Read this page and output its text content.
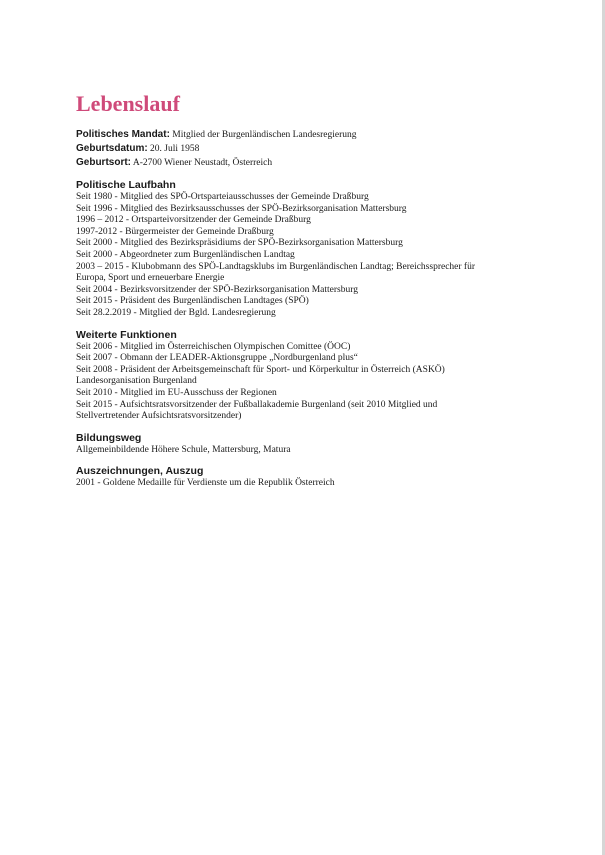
Lebenslauf
Politisches Mandat: Mitglied der Burgenländischen Landesregierung
Geburtsdatum: 20. Juli 1958
Geburtsort: A-2700 Wiener Neustadt, Österreich
Politische Laufbahn
Seit 1980 - Mitglied des SPÖ-Ortsparteiausschusses der Gemeinde Draßburg
Seit 1996 - Mitglied des Bezirksausschusses der SPÖ-Bezirksorganisation Mattersburg
1996 – 2012 - Ortsparteivorsitzender der Gemeinde Draßburg
1997-2012 - Bürgermeister der Gemeinde Draßburg
Seit 2000 - Mitglied des Bezirkspräsidiums der SPÖ-Bezirksorganisation Mattersburg
Seit 2000 - Abgeordneter zum Burgenländischen Landtag
2003 – 2015 - Klubobmann des SPÖ-Landtagsklubs im Burgenländischen Landtag; Bereichssprecher für
Europa, Sport und erneuerbare Energie
Seit 2004 - Bezirksvorsitzender der SPÖ-Bezirksorganisation Mattersburg
Seit 2015 - Präsident des Burgenländischen Landtages (SPÖ)
Seit 28.2.2019 - Mitglied der Bgld. Landesregierung
Weiterte Funktionen
Seit 2006 - Mitglied im Österreichischen Olympischen Comittee (ÖOC)
Seit 2007 - Obmann der LEADER-Aktionsgruppe „Nordburgenland plus“
Seit 2008 - Präsident der Arbeitsgemeinschaft für Sport- und Körperkultur in Österreich (ASKÖ)
Landesorganisation Burgenland
Seit 2010 - Mitglied im EU-Ausschuss der Regionen
Seit 2015 - Aufsichtsratsvorsitzender der Fußballakademie Burgenland (seit 2010 Mitglied und
Stellvertretender Aufsichtsratsvorsitzender)
Bildungsweg
Allgemeinbildende Höhere Schule, Mattersburg, Matura
Auszeichnungen, Auszug
2001 - Goldene Medaille für Verdienste um die Republik Österreich
